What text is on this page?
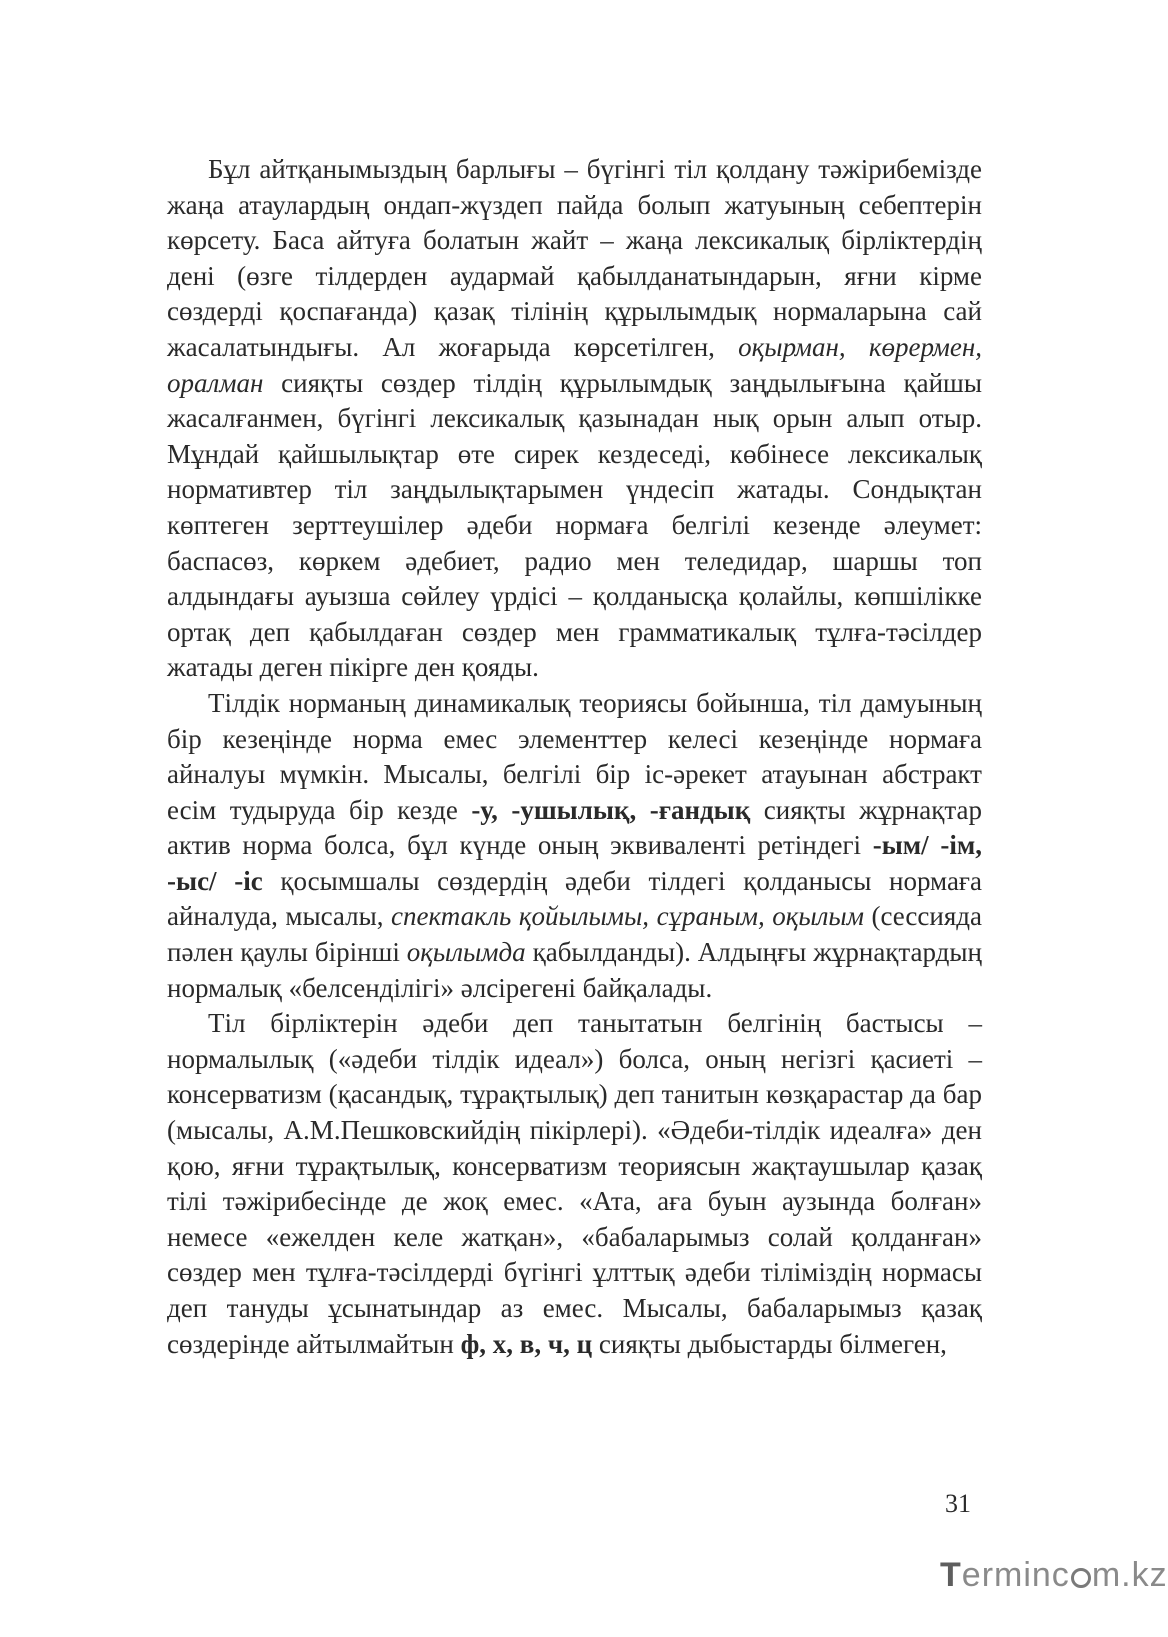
Бұл айтқанымыздың барлығы – бүгінгі тіл қолдану тәжірибемізде жаңа атаулардың ондап-жүздеп пайда болып жатуының себептерін көрсету. Баса айтуға болатын жайт – жаңа лексикалық бірліктердің дені (өзге тілдерден аудармай қабылданатындарын, яғни кірме сөздерді қоспағанда) қазақ тілінің құрылымдық нормаларына сай жасалатындығы. Ал жоғарыда көрсетілген, оқырман, көрермен, оралман сияқты сөздер тілдің құрылымдық заңдылығына қайшы жасалғанмен, бүгінгі лексикалық қазынадан нық орын алып отыр. Мұндай қайшылықтар өте сирек кездеседі, көбінесе лексикалық нормативтер тіл заңдылықтарымен үндесіп жатады. Сондықтан көптеген зерттеушілер әдеби нормаға белгілі кезенде әлеумет: баспасөз, көркем әдебиет, радио мен теледидар, шаршы топ алдындағы ауызша сөйлеу үрдісі – қолданысқа қолайлы, көпшілікке ортақ деп қабылдаған сөздер мен грамматикалық тұлға-тәсілдер жатады деген пікірге ден қояды.

Тілдік норманың динамикалық теориясы бойынша, тіл дамуының бір кезеңінде норма емес элементтер келесі кезеңінде нормаға айналуы мүмкін. Мысалы, белгілі бір іс-әрекет атауынан абстракт есім тудыруда бір кезде -у, -ушылық, -ғандық сияқты жұрнақтар актив норма болса, бұл күнде оның эквиваленті ретіндегі -ым/ -ім, -ыс/ -іс қосымшалы сөздердің әдеби тілдегі қолданысы нормаға айналуда, мысалы, спектакль қойылымы, сұраным, оқылым (сессияда пәлен қаулы бірінші оқылымда қабылданды). Алдыңғы жұрнақтардың нормалық «белсенділігі» әлсірегені байқалады.

Тіл бірліктерін әдеби деп танытатын белгінің бастысы – нормалылық («әдеби тілдік идеал») болса, оның негізгі қасиеті – консерватизм (қасандық, тұрақтылық) деп танитын көзқарастар да бар (мысалы, А.М.Пешковскийдің пікірлері). «Әдеби-тілдік идеалға» ден қою, яғни тұрақтылық, консерватизм теориясын жақтаушылар қазақ тілі тәжірибесінде де жоқ емес. «Ата, аға буын аузында болған» немесе «ежелден келе жатқан», «бабаларымыз солай қолданған» сөздер мен тұлға-тәсілдерді бүгінгі ұлттық әдеби тіліміздің нормасы деп тануды ұсынатындар аз емес. Мысалы, бабаларымыз қазақ сөздерінде айтылмайтын ф, х, в, ч, ц сияқты дыбыстарды білмеген,

31
Terminc m.kz
